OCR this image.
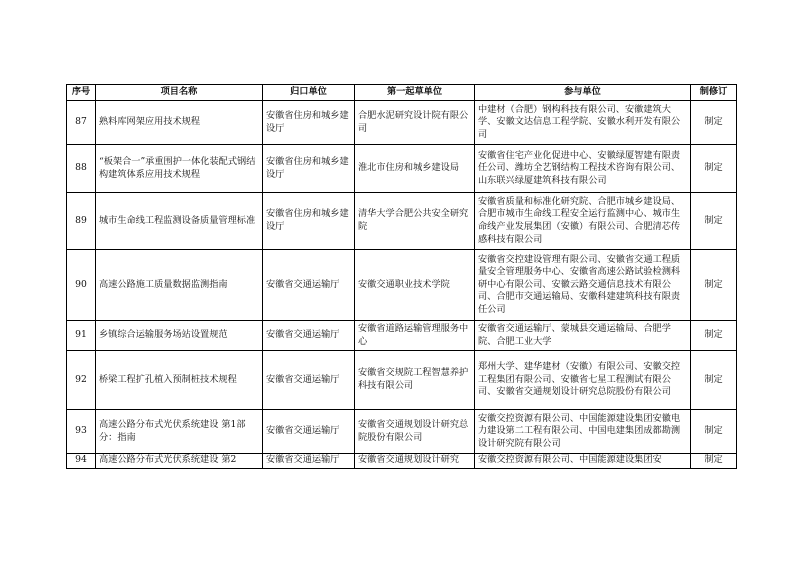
序号	项目名称	归口单位	第一起草单位	参与单位	制修订
87	熟料库网架应用技术规程	安徽省住房和城乡建设厅	合肥水泥研究设计院有限公司	中建材（合肥）钢构科技有限公司、安徽建筑大学、安徽文达信息工程学院、安徽水利开发有限公司	制定
88	“板架合一”承重围护一体化装配式钢结构建筑体系应用技术规程	安徽省住房和城乡建设厅	淮北市住房和城乡建设局	安徽省住宅产业化促进中心、安徽绿厦智建有限责任公司、潍坊全艺钢结构工程技术咨询有限公司、山东联兴绿厦建筑科技有限公司	制定
89	城市生命线工程监测设备质量管理标准	安徽省住房和城乡建设厅	清华大学合肥公共安全研究院	安徽省质量和标准化研究院、合肥市城乡建设局、合肥市城市生命线工程安全运行监测中心、城市生命线产业发展集团（安徽）有限公司、合肥清芯传感科技有限公司	制定
90	高速公路施工质量数据监测指南	安徽省交通运输厅	安徽交通职业技术学院	安徽省交控建设管理有限公司、安徽省交通工程质量安全管理服务中心、安徽省高速公路试验检测科研中心有限公司、安徽云路交通信息技术有限公司、合肥市交通运输局、安徽科建建筑科技有限责任公司	制定
91	乡镇综合运输服务场站设置规范	安徽省交通运输厅	安徽省道路运输管理服务中心	安徽省交通运输厅、蒙城县交通运输局、合肥学院、合肥工业大学	制定
92	桥梁工程扩孔植入预制桩技术规程	安徽省交通运输厅	安徽省交规院工程智慧养护科技有限公司	郑州大学、建华建材（安徽）有限公司、安徽交控工程集团有限公司、安徽省七星工程测试有限公司、安徽省交通规划设计研究总院股份有限公司	制定
93	高速公路分布式光伏系统建设 第1部分：指南	安徽省交通运输厅	安徽省交通规划设计研究总院股份有限公司	安徽交控资源有限公司、中国能源建设集团安徽电力建设第二工程有限公司、中国电建集团成都勘测设计研究院有限公司	制定
94	高速公路分布式光伏系统建设 第2	安徽省交通运输厅	安徽省交通规划设计研究	安徽交控资源有限公司、中国能源建设集团安	制定
